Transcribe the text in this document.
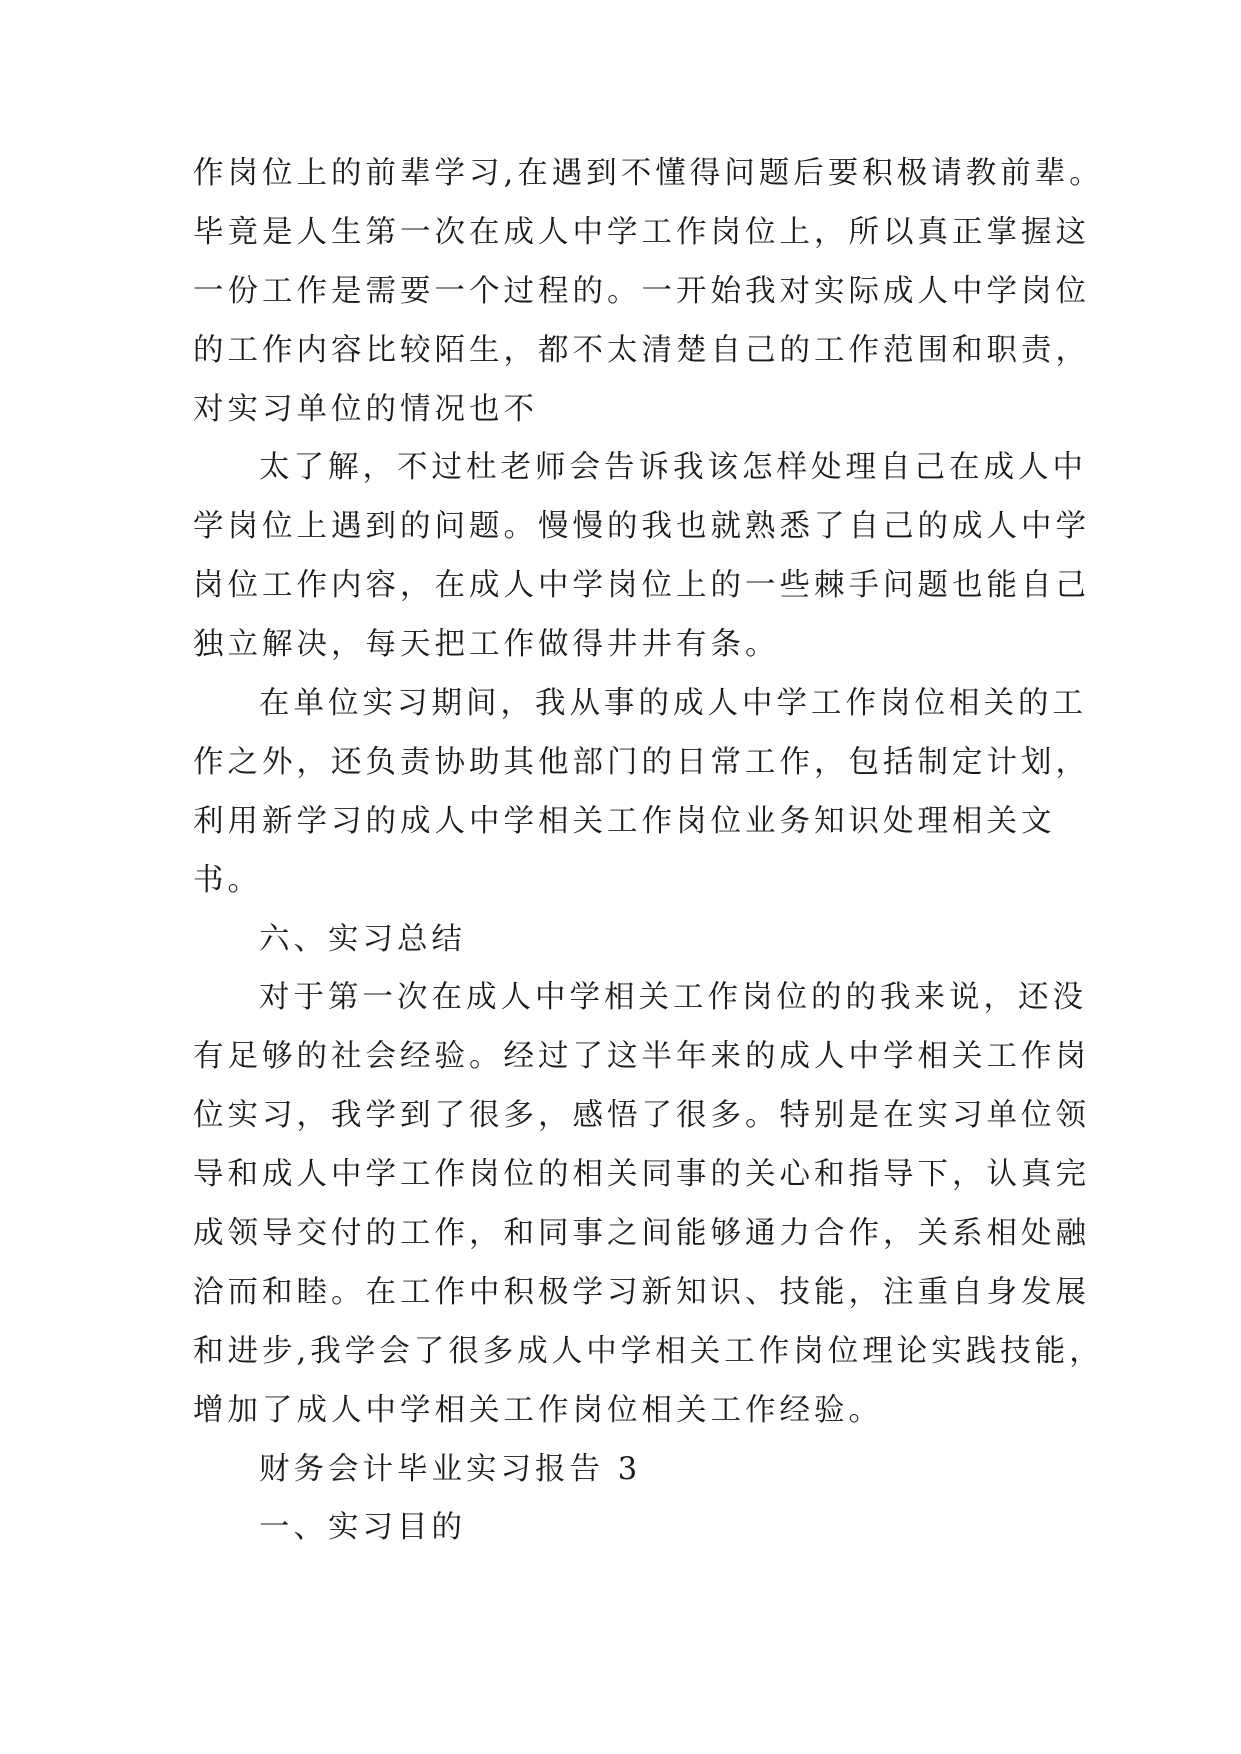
作岗位上的前辈学习,在遇到不懂得问题后要积极请教前辈。

毕竟是人生第一次在成人中学工作岗位上，所以真正掌握这

一份工作是需要一个过程的。一开始我对实际成人中学岗位

的工作内容比较陌生，都不太清楚自己的工作范围和职责，

对实习单位的情况也不

太了解，不过杜老师会告诉我该怎样处理自己在成人中

学岗位上遇到的问题。慢慢的我也就熟悉了自己的成人中学

岗位工作内容，在成人中学岗位上的一些棘手问题也能自己

独立解决，每天把工作做得井井有条。

在单位实习期间，我从事的成人中学工作岗位相关的工

作之外，还负责协助其他部门的日常工作，包括制定计划，

利用新学习的成人中学相关工作岗位业务知识处理相关文

书。

六、实习总结

对于第一次在成人中学相关工作岗位的的我来说，还没

有足够的社会经验。经过了这半年来的成人中学相关工作岗

位实习，我学到了很多，感悟了很多。特别是在实习单位领

导和成人中学工作岗位的相关同事的关心和指导下，认真完

成领导交付的工作，和同事之间能够通力合作，关系相处融

洽而和睦。在工作中积极学习新知识、技能，注重自身发展

和进步,我学会了很多成人中学相关工作岗位理论实践技能，

增加了成人中学相关工作岗位相关工作经验。

财务会计毕业实习报告 3

一、实习目的
